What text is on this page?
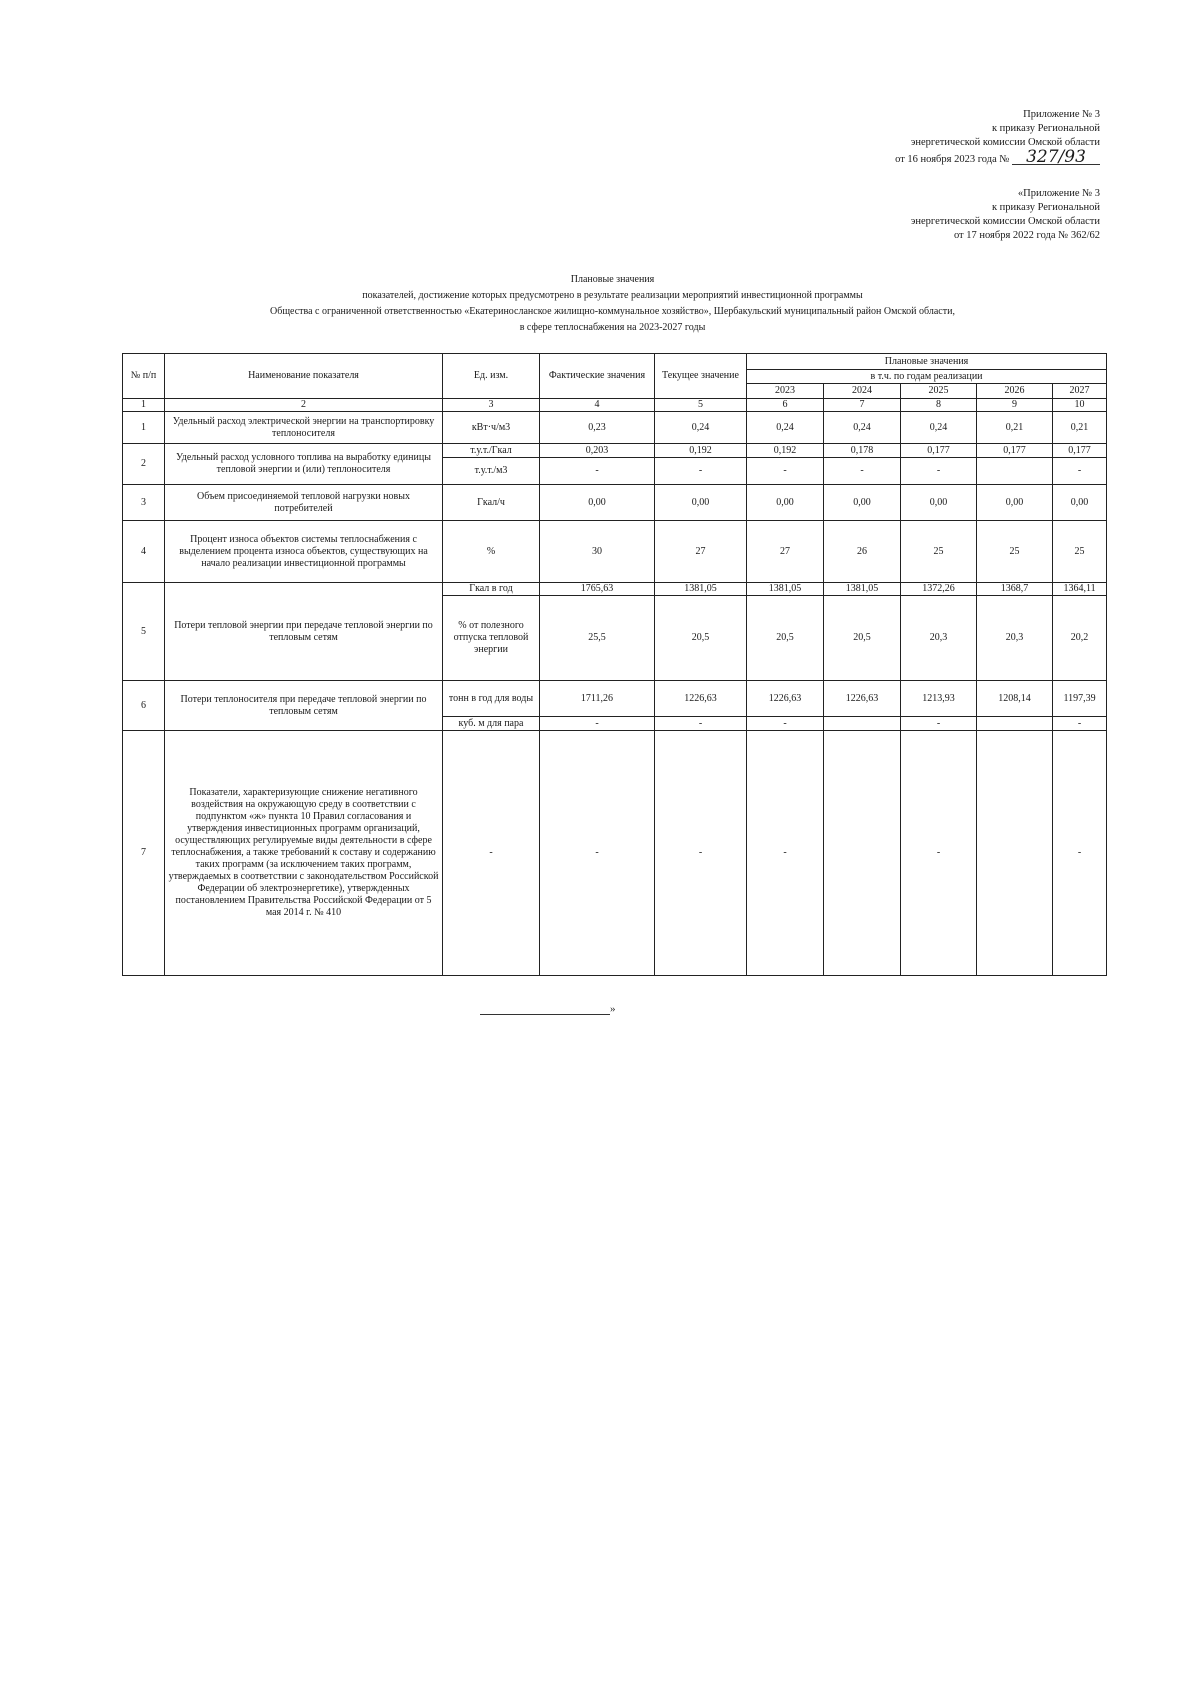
Приложение № 3
к приказу Региональной
энергетической комиссии Омской области
от 16 ноября 2023 года № 327/93
«Приложение № 3
к приказу Региональной
энергетической комиссии Омской области
от 17 ноября 2022 года № 362/62
Плановые значения
показателей, достижение которых предусмотрено в результате реализации мероприятий инвестиционной программы
Общества с ограниченной ответственностью «Екатериносланское жилищно-коммунальное хозяйство», Шербакульский муниципальный район Омской области,
в сфере теплоснабжения на 2023-2027 годы
№ п/п	Наименование показателя	Ед. изм.	Фактические значения	Текущее значение	Плановые значения				
					в т.ч. по годам реализации				
					2023	2024	2025	2026	2027
1	2	3	4	5	6	7	8	9	10
1	Удельный расход электрической энергии на транспортировку теплоносителя	кВт·ч/м3	0,23	0,24	0,24	0,24	0,24	0,21	0,21
2	Удельный расход условного топлива на выработку единицы тепловой энергии и (или) теплоносителя	т.у.т./Гкал	0,203	0,192	0,192	0,178	0,177	0,177	0,177
		т.у.т./м3	-	-	-	-	-		-
3	Объем присоединяемой тепловой нагрузки новых потребителей	Гкал/ч	0,00	0,00	0,00	0,00	0,00	0,00	0,00
4	Процент износа объектов системы теплоснабжения с выделением процента износа объектов, существующих на начало реализации инвестиционной программы	%	30	27	27	26	25	25	25
5	Потери тепловой энергии при передаче тепловой энергии по тепловым сетям	Гкал в год	1765,63	1381,05	1381,05	1381,05	1372,26	1368,7	1364,11
		% от полезного отпуска тепловой энергии	25,5	20,5	20,5	20,5	20,3	20,3	20,2
6	Потери теплоносителя при передаче тепловой энергии по тепловым сетям	тонн в год для воды	1711,26	1226,63	1226,63	1226,63	1213,93	1208,14	1197,39
		куб. м для пара	-	-	-		-		-
7	Показатели, характеризующие снижение негативного воздействия на окружающую среду в соответствии с подпунктом «ж» пункта 10 Правил согласования и утверждения инвестиционных программ организаций, осуществляющих регулируемые виды деятельности в сфере теплоснабжения, а также требований к составу и содержанию таких программ (за исключением таких программ, утверждаемых в соответствии с законодательством Российской Федерации об электроэнергетике), утвержденных постановлением Правительства Российской Федерации от 5 мая 2014 г. № 410	-	-	-	-		-		-
»
